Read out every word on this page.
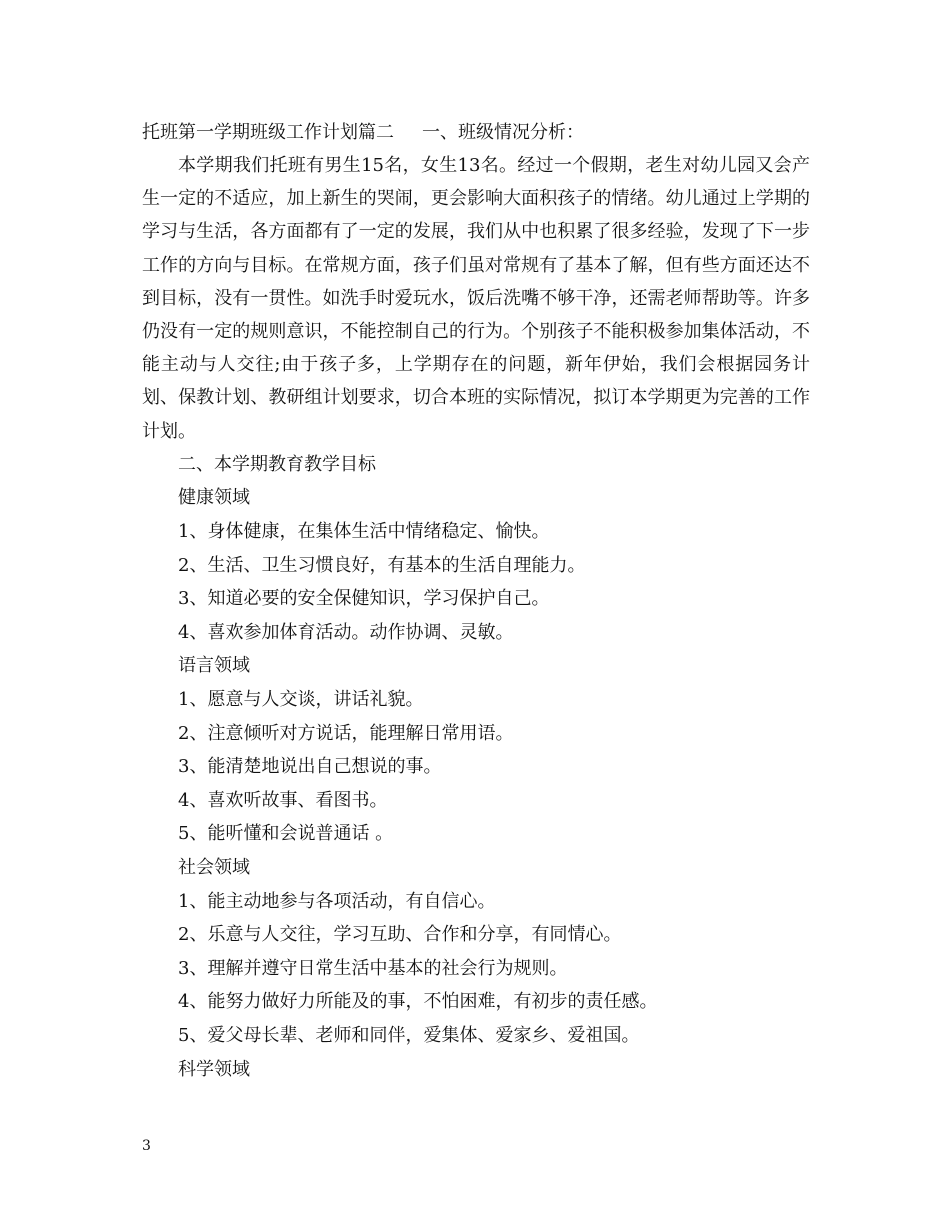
托班第一学期班级工作计划篇二 一、班级情况分析：

本学期我们托班有男生15名，女生13名。经过一个假期，老生对幼儿园又会产生一定的不适应，加上新生的哭闹，更会影响大面积孩子的情绪。幼儿通过上学期的学习与生活，各方面都有了一定的发展，我们从中也积累了很多经验，发现了下一步工作的方向与目标。在常规方面，孩子们虽对常规有了基本了解，但有些方面还达不到目标，没有一贯性。如洗手时爱玩水，饭后洗嘴不够干净，还需老师帮助等。许多仍没有一定的规则意识，不能控制自己的行为。个别孩子不能积极参加集体活动，不能主动与人交往;由于孩子多，上学期存在的问题，新年伊始，我们会根据园务计划、保教计划、教研组计划要求，切合本班的实际情况，拟订本学期更为完善的工作计划。

二、本学期教育教学目标
健康领域
1、身体健康，在集体生活中情绪稳定、愉快。
2、生活、卫生习惯良好，有基本的生活自理能力。
3、知道必要的安全保健知识，学习保护自己。
4、喜欢参加体育活动。动作协调、灵敏。
语言领域
1、愿意与人交谈，讲话礼貌。
2、注意倾听对方说话，能理解日常用语。
3、能清楚地说出自己想说的事。
4、喜欢听故事、看图书。
5、能听懂和会说普通话 。
社会领域
1、能主动地参与各项活动，有自信心。
2、乐意与人交往，学习互助、合作和分享，有同情心。
3、理解并遵守日常生活中基本的社会行为规则。
4、能努力做好力所能及的事，不怕困难，有初步的责任感。
5、爱父母长辈、老师和同伴，爱集体、爱家乡、爱祖国。
科学领域
3
